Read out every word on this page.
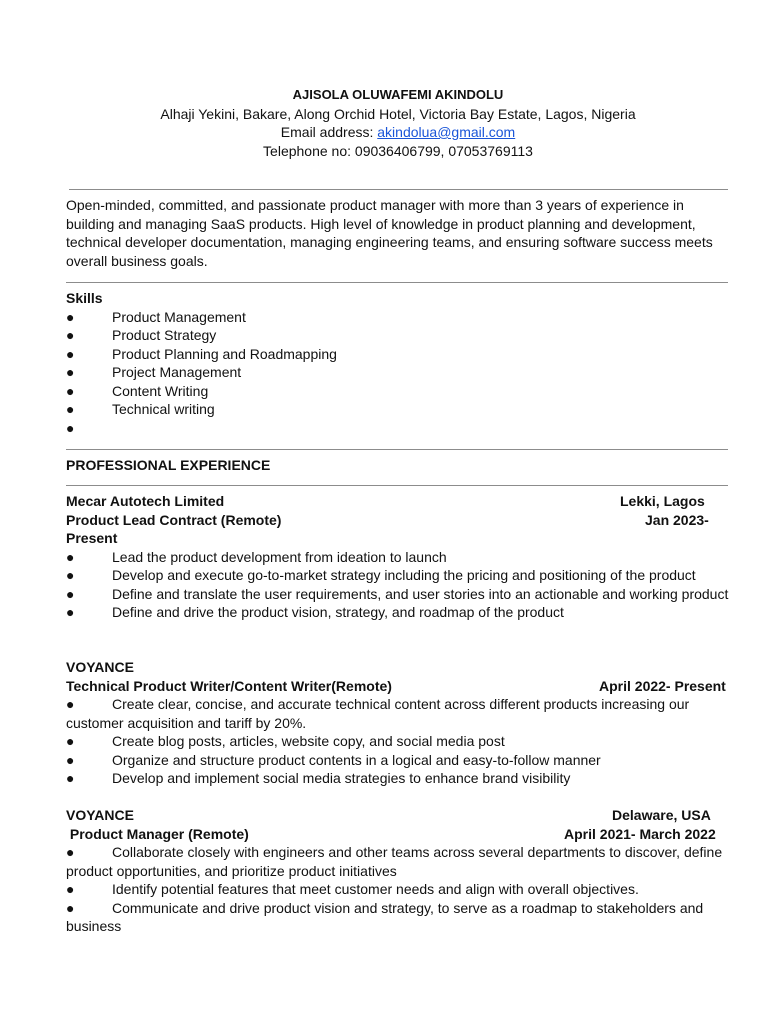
AJISOLA OLUWAFEMI AKINDOLU
Alhaji Yekini, Bakare, Along Orchid Hotel, Victoria Bay Estate, Lagos, Nigeria
Email address: akindolua@gmail.com
Telephone no: 09036406799, 07053769113
Open-minded, committed, and passionate product manager with more than 3 years of experience in building and managing SaaS products. High level of knowledge in product planning and development, technical developer documentation, managing engineering teams, and ensuring software success meets overall business goals.
Skills
●	Product Management
●	Product Strategy
●	Product Planning and Roadmapping
●	Project Management
●	Content Writing
●	Technical writing
●
PROFESSIONAL EXPERIENCE
Mecar Autotech Limited	Lekki, Lagos
Product Lead Contract (Remote)	Jan 2023-
Present
●	Lead the product development from ideation to launch
●	Develop and execute go-to-market strategy including the pricing and positioning of the product
●	Define and translate the user requirements, and user stories into an actionable and working product
●	Define and drive the product vision, strategy, and roadmap of the product
VOYANCE
Technical Product Writer/Content Writer(Remote)	April 2022- Present
●	Create clear, concise, and accurate technical content across different products increasing our customer acquisition and tariff by 20%.
●	Create blog posts, articles, website copy, and social media post
●	Organize and structure product contents in a logical and easy-to-follow manner
●	Develop and implement social media strategies to enhance brand visibility
VOYANCE	Delaware, USA
Product Manager (Remote)	April 2021- March 2022
●	Collaborate closely with engineers and other teams across several departments to discover, define product opportunities, and prioritize product initiatives
●	Identify potential features that meet customer needs and align with overall objectives.
●	Communicate and drive product vision and strategy, to serve as a roadmap to stakeholders and business
